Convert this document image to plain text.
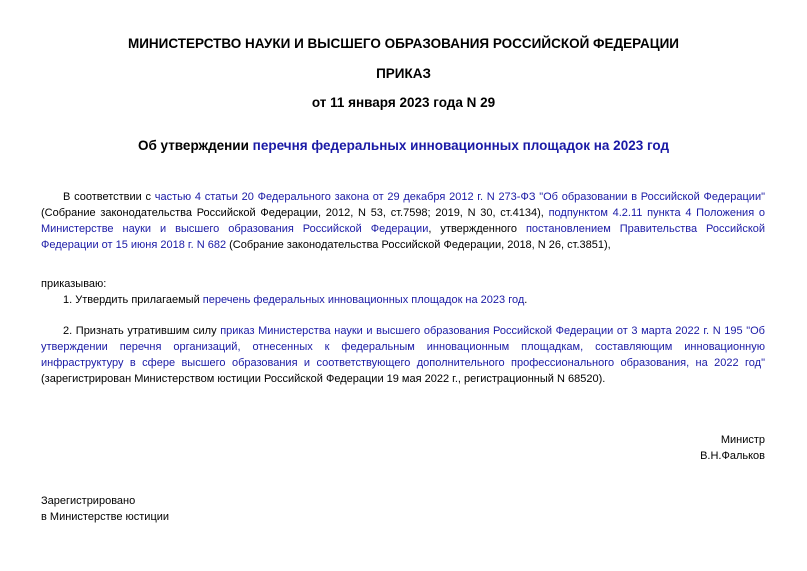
МИНИСТЕРСТВО НАУКИ И ВЫСШЕГО ОБРАЗОВАНИЯ РОССИЙСКОЙ ФЕДЕРАЦИИ
ПРИКАЗ
от 11 января 2023 года N 29
Об утверждении перечня федеральных инновационных площадок на 2023 год
В соответствии с частью 4 статьи 20 Федерального закона от 29 декабря 2012 г. N 273-ФЗ "Об образовании в Российской Федерации" (Собрание законодательства Российской Федерации, 2012, N 53, ст.7598; 2019, N 30, ст.4134), подпунктом 4.2.11 пункта 4 Положения о Министерстве науки и высшего образования Российской Федерации, утвержденного постановлением Правительства Российской Федерации от 15 июня 2018 г. N 682 (Собрание законодательства Российской Федерации, 2018, N 26, ст.3851),
приказываю:
1. Утвердить прилагаемый перечень федеральных инновационных площадок на 2023 год.
2. Признать утратившим силу приказ Министерства науки и высшего образования Российской Федерации от 3 марта 2022 г. N 195 "Об утверждении перечня организаций, отнесенных к федеральным инновационным площадкам, составляющим инновационную инфраструктуру в сфере высшего образования и соответствующего дополнительного профессионального образования, на 2022 год" (зарегистрирован Министерством юстиции Российской Федерации 19 мая 2022 г., регистрационный N 68520).
Министр
В.Н.Фальков
Зарегистрировано
в Министерстве юстиции
